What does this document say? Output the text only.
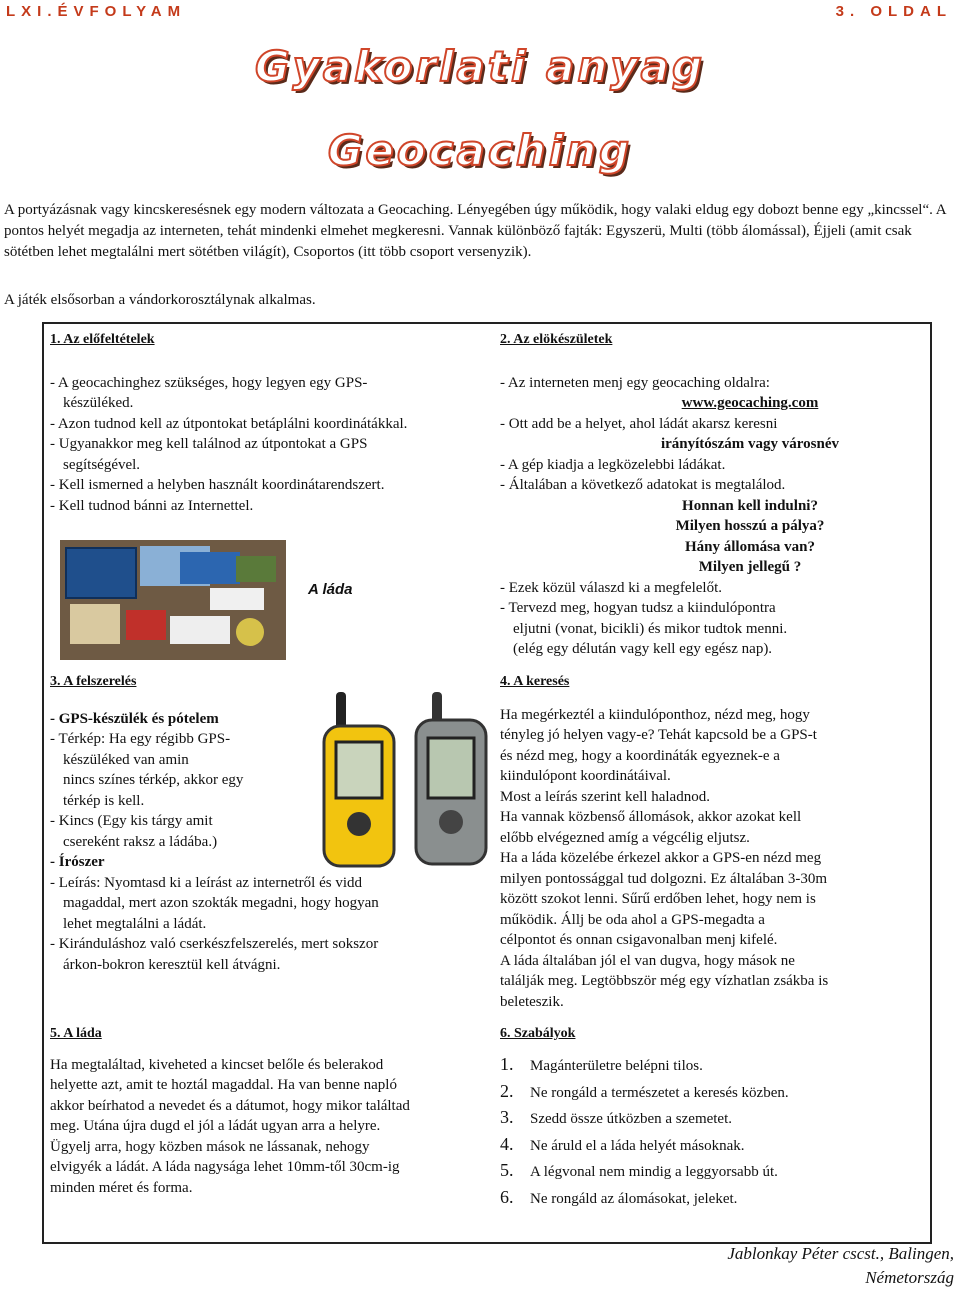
LXI.ÉVFOLYAM	3. OLDAL
Gyakorlati anyag
Geocaching
A portyázásnak vagy kincskeresésnek egy modern változata a Geocaching. Lényegében úgy működik, hogy valaki eldug egy dobozt benne egy „kincssel“. A pontos helyét megadja az interneten, tehát mindenki elmehet megkeresni. Vannak különböző fajták: Egyszerü, Multi (több álomással), Éjjeli (amit csak sötétben lehet megtalálni mert sötétben világít), Csoportos (itt több csoport versenyzik).
A játék elsősorban a vándorkorosztálynak alkalmas.
1. Az előfeltételek
- A geocachinghez szükséges, hogy legyen egy GPS-
készüléked.
- Azon tudnod kell az útpontokat betáplálni koordinátákkal.
- Ugyanakkor meg kell találnod az útpontokat a GPS
segítségével.
- Kell ismerned a helyben használt koordinátarendszert.
- Kell tudnod bánni az Internettel.
A láda
2. Az elökészületek
- Az interneten menj egy geocaching oldalra:
www.geocaching.com
- Ott add be a helyet, ahol ládát akarsz keresni
irányítószám vagy városnév
- A gép kiadja a legközelebbi ládákat.
- Általában a következő adatokat is megtalálod.
Honnan kell indulni?
Milyen hosszú a pálya?
Hány állomása van?
Milyen jellegű ?
- Ezek közül válaszd ki a megfelelőt.
- Tervezd meg, hogyan tudsz a kiindulópontra
eljutni (vonat, bicikli) és mikor tudtok menni.
(elég egy délután vagy kell egy egész nap).
3. A felszerelés
- GPS-készülék és pótelem
- Térkép: Ha egy régibb GPS-
készüléked van amin
nincs színes térkép, akkor egy
térkép is kell.
- Kincs (Egy kis tárgy amit
csereként raksz a ládába.)
- Írószer
- Leírás: Nyomtasd ki a leírást az internetről és vidd
magaddal, mert azon szokták megadni, hogy hogyan
lehet megtalálni a ládát.
- Kiránduláshoz való cserkészfelszerelés, mert sokszor
árkon-bokron keresztül kell átvágni.
4. A keresés
Ha megérkeztél a kiindulóponthoz, nézd meg, hogy
tényleg jó helyen vagy-e? Tehát kapcsold be a GPS-t
és nézd meg, hogy a koordináták egyeznek-e a
kiindulópont koordinátáival.
Most a leírás szerint kell haladnod.
Ha vannak közbenső állomások, akkor azokat kell
előbb elvégezned amíg a végcélig eljutsz.
Ha a láda közelébe érkezel akkor a GPS-en nézd meg
milyen pontossággal tud dolgozni. Ez általában 3-30m
között szokot lenni. Sűrű erdőben lehet, hogy nem is
működik. Állj be oda ahol a GPS-megadta a
célpontot és onnan csigavonalban menj kifelé.
A láda általában jól el van dugva, hogy mások ne
találják meg. Legtöbbször még egy vízhatlan zsákba is
beleteszik.
5. A láda
Ha megtaláltad, kiveheted a kincset belőle és belerakod
helyette azt, amit te hoztál magaddal. Ha van benne napló
akkor beírhatod a nevedet és a dátumot, hogy mikor találtad
meg. Utána újra dugd el jól a ládát ugyan arra a helyre.
Ügyelj arra, hogy közben mások ne lássanak, nehogy
elvigyék a ládát. A láda nagysága lehet 10mm-től 30cm-ig
minden méret és forma.
6. Szabályok
1. Magánterületre belépni tilos.
2. Ne rongáld a természetet a keresés közben.
3. Szedd össze útközben a szemetet.
4. Ne áruld el a láda helyét másoknak.
5. A légvonal nem mindig a leggyorsabb út.
6. Ne rongáld az álomásokat, jeleket.
Jablonkay Péter cscst., Balingen,
Németország
